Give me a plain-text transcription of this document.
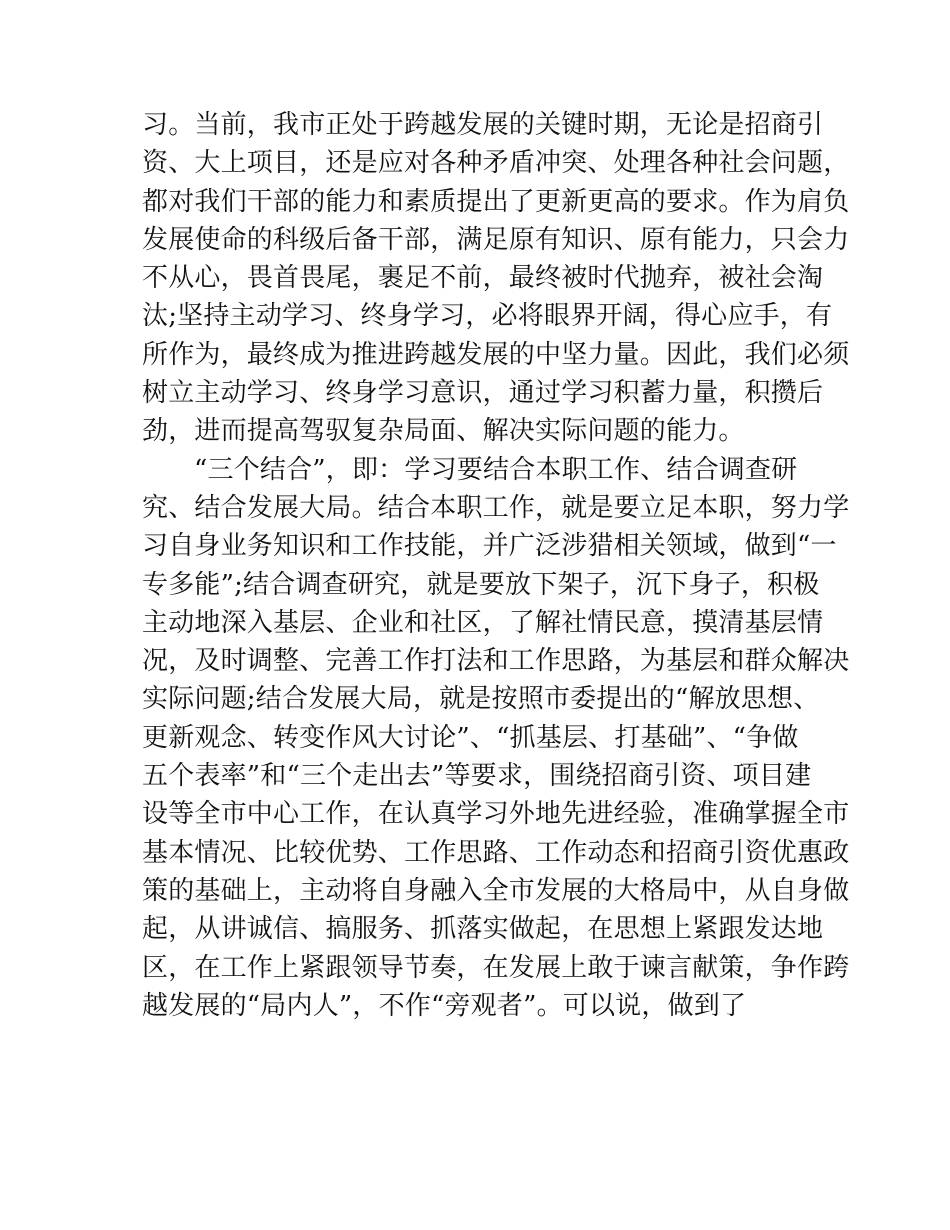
习。当前，我市正处于跨越发展的关键时期，无论是招商引
资、大上项目，还是应对各种矛盾冲突、处理各种社会问题，
都对我们干部的能力和素质提出了更新更高的要求。作为肩负
发展使命的科级后备干部，满足原有知识、原有能力，只会力
不从心，畏首畏尾，裹足不前，最终被时代抛弃，被社会淘
汰;坚持主动学习、终身学习，必将眼界开阔，得心应手，有
所作为，最终成为推进跨越发展的中坚力量。因此，我们必须
树立主动学习、终身学习意识，通过学习积蓄力量，积攒后
劲，进而提高驾驭复杂局面、解决实际问题的能力。
“三个结合”，即：学习要结合本职工作、结合调查研
究、结合发展大局。结合本职工作，就是要立足本职，努力学
习自身业务知识和工作技能，并广泛涉猎相关领域，做到“一
专多能”;结合调查研究，就是要放下架子，沉下身子，积极
主动地深入基层、企业和社区，了解社情民意，摸清基层情
况，及时调整、完善工作打法和工作思路，为基层和群众解决
实际问题;结合发展大局，就是按照市委提出的“解放思想、
更新观念、转变作风大讨论”、“抓基层、打基础”、“争做
五个表率”和“三个走出去”等要求，围绕招商引资、项目建
设等全市中心工作，在认真学习外地先进经验，准确掌握全市
基本情况、比较优势、工作思路、工作动态和招商引资优惠政
策的基础上，主动将自身融入全市发展的大格局中，从自身做
起，从讲诚信、搞服务、抓落实做起，在思想上紧跟发达地
区，在工作上紧跟领导节奏，在发展上敢于谏言献策，争作跨
越发展的“局内人”，不作“旁观者”。可以说，做到了
